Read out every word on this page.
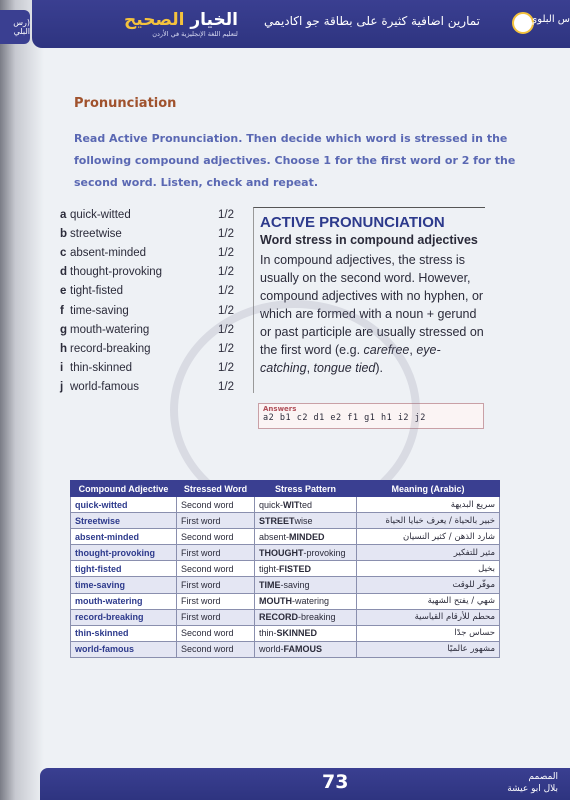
(رس البلي
الخيار الصحيح
لتعليم اللغة الإنجليزية في الأردن
تمارين اضافية كثيرة على بطاقة جو اكاديمي	س البلوي
Pronunciation
Read Active Pronunciation. Then decide which word is stressed in the following compound adjectives. Choose 1 for the first word or 2 for the second word. Listen, check and repeat.
a quick-witted	1/2
b streetwise	1/2
c absent-minded	1/2
d thought-provoking	1/2
e tight-fisted	1/2
f time-saving	1/2
g mouth-watering	1/2
h record-breaking	1/2
i thin-skinned	1/2
j world-famous	1/2
ACTIVE PRONUNCIATION
Word stress in compound adjectives
In compound adjectives, the stress is usually on the second word. However, compound adjectives with no hyphen, or which are formed with a noun + gerund or past participle are usually stressed on the first word (e.g. carefree, eye-catching, tongue tied).
Answers
a2 b1 c2 d1 e2 f1 g1 h1 i2 j2
Compound Adjective	Stressed Word	Stress Pattern	Meaning (Arabic)
quick-witted	Second word	quick-WITted	سريع البديهة
Streetwise	First word	STREETwise	خبير بالحياة / يعرف خبايا الحياة
absent-minded	Second word	absent-MINDED	شارد الذهن / كثير النسيان
thought-provoking	First word	THOUGHT-provoking	مثير للتفكير
tight-fisted	Second word	tight-FISTED	بخيل
time-saving	First word	TIME-saving	موفّر للوقت
mouth-watering	First word	MOUTH-watering	شهي / يفتح الشهية
record-breaking	First word	RECORD-breaking	محطم للأرقام القياسية
thin-skinned	Second word	thin-SKINNED	حساس جدًا
world-famous	Second word	world-FAMOUS	مشهور عالميًا
73	المصمم
بلال ابو عيشة
